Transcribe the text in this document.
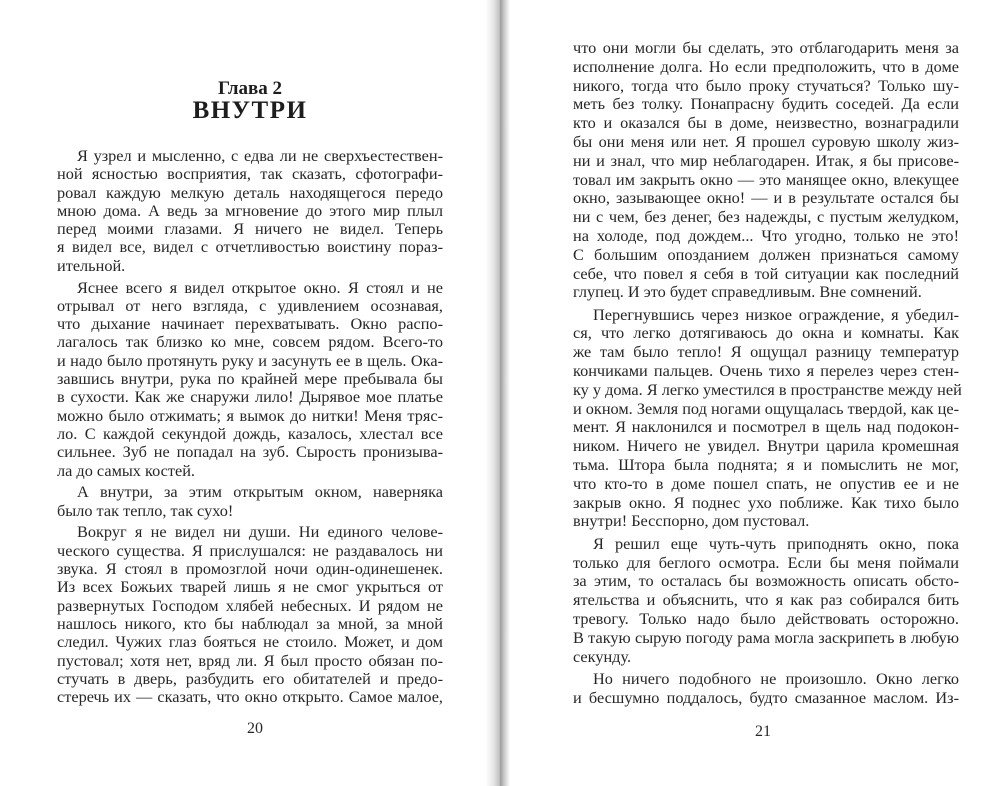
Глава 2
ВНУТРИ
Я узрел и мысленно, с едва ли не сверхъестествен-
ной ясностью восприятия, так сказать, сфотографи-
ровал каждую мелкую деталь находящегося передо
мною дома. А ведь за мгновение до этого мир плыл
перед моими глазами. Я ничего не видел. Теперь
я видел все, видел с отчетливостью воистину пораз-
ительной.
Яснее всего я видел открытое окно. Я стоял и не
отрывал от него взгляда, с удивлением осознавая,
что дыхание начинает перехватывать. Окно распо-
лагалось так близко ко мне, совсем рядом. Всего-то
и надо было протянуть руку и засунуть ее в щель. Ока-
завшись внутри, рука по крайней мере пребывала бы
в сухости. Как же снаружи лило! Дырявое мое платье
можно было отжимать; я вымок до нитки! Меня тряс-
ло. С каждой секундой дождь, казалось, хлестал все
сильнее. Зуб не попадал на зуб. Сырость пронизыва-
ла до самых костей.
А внутри, за этим открытым окном, наверняка
было так тепло, так сухо!
Вокруг я не видел ни души. Ни единого челове-
ческого существа. Я прислушался: не раздавалось ни
звука. Я стоял в промозглой ночи один-одинешенек.
Из всех Божьих тварей лишь я не смог укрыться от
развернутых Господом хлябей небесных. И рядом не
нашлось никого, кто бы наблюдал за мной, за мной
следил. Чужих глаз бояться не стоило. Может, и дом
пустовал; хотя нет, вряд ли. Я был просто обязан по-
стучать в дверь, разбудить его обитателей и предо-
стеречь их — сказать, что окно открыто. Самое малое,
20
что они могли бы сделать, это отблагодарить меня за
исполнение долга. Но если предположить, что в доме
никого, тогда что было проку стучаться? Только шу-
меть без толку. Понапрасну будить соседей. Да если
кто и оказался бы в доме, неизвестно, вознаградили
бы они меня или нет. Я прошел суровую школу жиз-
ни и знал, что мир неблагодарен. Итак, я бы присове-
товал им закрыть окно — это манящее окно, влекущее
окно, зазывающее окно! — и в результате остался бы
ни с чем, без денег, без надежды, с пустым желудком,
на холоде, под дождем... Что угодно, только не это!
С большим опозданием должен признаться самому
себе, что повел я себя в той ситуации как последний
глупец. И это будет справедливым. Вне сомнений.
Перегнувшись через низкое ограждение, я убедил-
ся, что легко дотягиваюсь до окна и комнаты. Как
же там было тепло! Я ощущал разницу температур
кончиками пальцев. Очень тихо я перелез через стен-
ку у дома. Я легко уместился в пространстве между ней
и окном. Земля под ногами ощущалась твердой, как це-
мент. Я наклонился и посмотрел в щель над подокон-
ником. Ничего не увидел. Внутри царила кромешная
тьма. Штора была поднята; я и помыслить не мог,
что кто-то в доме пошел спать, не опустив ее и не
закрыв окно. Я поднес ухо поближе. Как тихо было
внутри! Бесспорно, дом пустовал.
Я решил еще чуть-чуть приподнять окно, пока
только для беглого осмотра. Если бы меня поймали
за этим, то осталась бы возможность описать обсто-
ятельства и объяснить, что я как раз собирался бить
тревогу. Только надо было действовать осторожно.
В такую сырую погоду рама могла заскрипеть в любую
секунду.
Но ничего подобного не произошло. Окно легко
и бесшумно поддалось, будто смазанное маслом. Из-
21
